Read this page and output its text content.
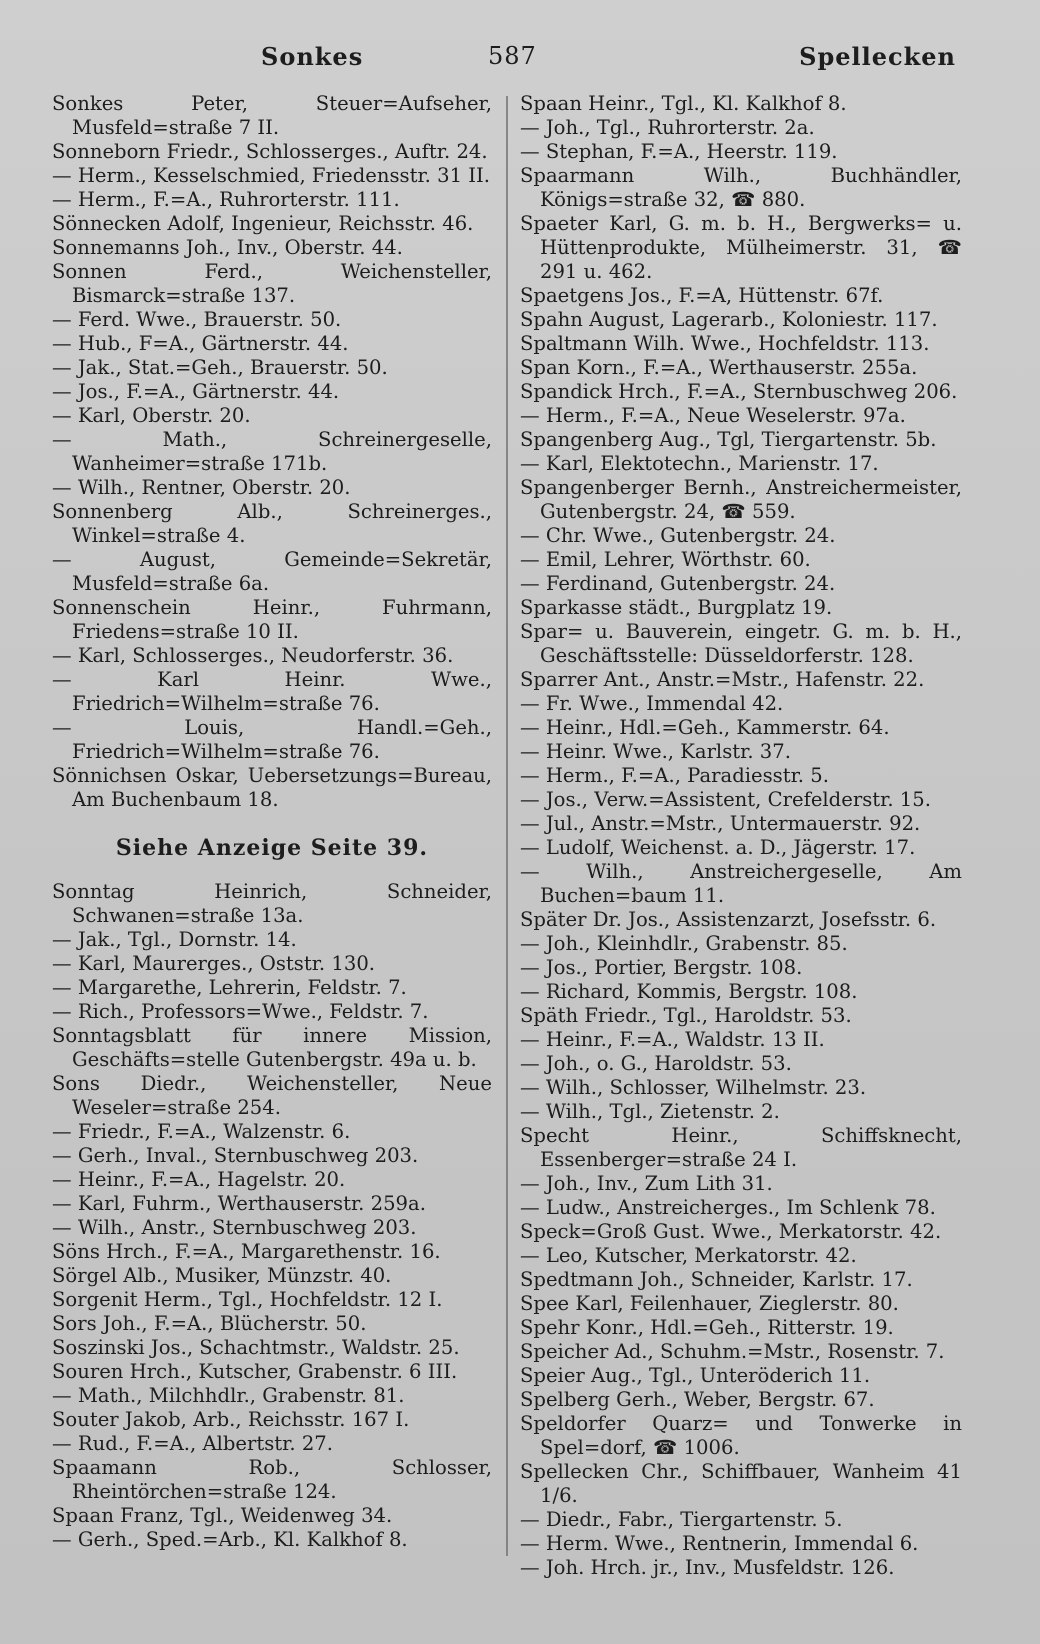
Sonkes	587	Spellecken

Sonkes Peter, Steuer=Aufseher, Musfeld=straße 7 II.

Sonneborn Friedr., Schlosserges., Auftr. 24.

— Herm., Kesselschmied, Friedensstr. 31 II.

— Herm., F.=A., Ruhrorterstr. 111.

Sönnecken Adolf, Ingenieur, Reichsstr. 46.

Sonnemanns Joh., Inv., Oberstr. 44.

Sonnen Ferd., Weichensteller, Bismarck=straße 137.

— Ferd. Wwe., Brauerstr. 50.

— Hub., F=A., Gärtnerstr. 44.

— Jak., Stat.=Geh., Brauerstr. 50.

— Jos., F.=A., Gärtnerstr. 44.

— Karl, Oberstr. 20.

— Math., Schreinergeselle, Wanheimer=straße 171b.

— Wilh., Rentner, Oberstr. 20.

Sonnenberg Alb., Schreinerges., Winkel=straße 4.

— August, Gemeinde=Sekretär, Musfeld=straße 6a.

Sonnenschein Heinr., Fuhrmann, Friedens=straße 10 II.

— Karl, Schlosserges., Neudorferstr. 36.

— Karl Heinr. Wwe., Friedrich=Wilhelm=straße 76.

— Louis, Handl.=Geh., Friedrich=Wilhelm=straße 76.

Sönnichsen Oskar, Uebersetzungs=Bureau, Am Buchenbaum 18.

Siehe Anzeige Seite 39.

Sonntag Heinrich, Schneider, Schwanen=straße 13a.

— Jak., Tgl., Dornstr. 14.

— Karl, Maurerges., Oststr. 130.

— Margarethe, Lehrerin, Feldstr. 7.

— Rich., Professors=Wwe., Feldstr. 7.

Sonntagsblatt für innere Mission, Geschäfts=stelle Gutenbergstr. 49a u. b.

Sons Diedr., Weichensteller, Neue Weseler=straße 254.

— Friedr., F.=A., Walzenstr. 6.

— Gerh., Inval., Sternbuschweg 203.

— Heinr., F.=A., Hagelstr. 20.

— Karl, Fuhrm., Werthauserstr. 259a.

— Wilh., Anstr., Sternbuschweg 203.

Söns Hrch., F.=A., Margarethenstr. 16.

Sörgel Alb., Musiker, Münzstr. 40.

Sorgenit Herm., Tgl., Hochfeldstr. 12 I.

Sors Joh., F.=A., Blücherstr. 50.

Soszinski Jos., Schachtmstr., Waldstr. 25.

Souren Hrch., Kutscher, Grabenstr. 6 III.

— Math., Milchhdlr., Grabenstr. 81.

Souter Jakob, Arb., Reichsstr. 167 I.

— Rud., F.=A., Albertstr. 27.

Spaamann Rob., Schlosser, Rheintörchen=straße 124.

Spaan Franz, Tgl., Weidenweg 34.

— Gerh., Sped.=Arb., Kl. Kalkhof 8.

Spaan Heinr., Tgl., Kl. Kalkhof 8.

— Joh., Tgl., Ruhrorterstr. 2a.

— Stephan, F.=A., Heerstr. 119.

Spaarmann Wilh., Buchhändler, Königs=straße 32, ☎ 880.

Spaeter Karl, G. m. b. H., Bergwerks= u. Hüttenprodukte, Mülheimerstr. 31, ☎ 291 u. 462.

Spaetgens Jos., F.=A, Hüttenstr. 67f.

Spahn August, Lagerarb., Koloniestr. 117.

Spaltmann Wilh. Wwe., Hochfeldstr. 113.

Span Korn., F.=A., Werthauserstr. 255a.

Spandick Hrch., F.=A., Sternbuschweg 206.

— Herm., F.=A., Neue Weselerstr. 97a.

Spangenberg Aug., Tgl, Tiergartenstr. 5b.

— Karl, Elektotechn., Marienstr. 17.

Spangenberger Bernh., Anstreichermeister, Gutenbergstr. 24, ☎ 559.

— Chr. Wwe., Gutenbergstr. 24.

— Emil, Lehrer, Wörthstr. 60.

— Ferdinand, Gutenbergstr. 24.

Sparkasse städt., Burgplatz 19.

Spar= u. Bauverein, eingetr. G. m. b. H., Geschäftsstelle: Düsseldorferstr. 128.

Sparrer Ant., Anstr.=Mstr., Hafenstr. 22.

— Fr. Wwe., Immendal 42.

— Heinr., Hdl.=Geh., Kammerstr. 64.

— Heinr. Wwe., Karlstr. 37.

— Herm., F.=A., Paradiesstr. 5.

— Jos., Verw.=Assistent, Crefelderstr. 15.

— Jul., Anstr.=Mstr., Untermauerstr. 92.

— Ludolf, Weichenst. a. D., Jägerstr. 17.

— Wilh., Anstreichergeselle, Am Buchen=baum 11.

Später Dr. Jos., Assistenzarzt, Josefsstr. 6.

— Joh., Kleinhdlr., Grabenstr. 85.

— Jos., Portier, Bergstr. 108.

— Richard, Kommis, Bergstr. 108.

Späth Friedr., Tgl., Haroldstr. 53.

— Heinr., F.=A., Waldstr. 13 II.

— Joh., o. G., Haroldstr. 53.

— Wilh., Schlosser, Wilhelmstr. 23.

— Wilh., Tgl., Zietenstr. 2.

Specht Heinr., Schiffsknecht, Essenberger=straße 24 I.

— Joh., Inv., Zum Lith 31.

— Ludw., Anstreicherges., Im Schlenk 78.

Speck=Groß Gust. Wwe., Merkatorstr. 42.

— Leo, Kutscher, Merkatorstr. 42.

Spedtmann Joh., Schneider, Karlstr. 17.

Spee Karl, Feilenhauer, Zieglerstr. 80.

Spehr Konr., Hdl.=Geh., Ritterstr. 19.

Speicher Ad., Schuhm.=Mstr., Rosenstr. 7.

Speier Aug., Tgl., Unteröderich 11.

Spelberg Gerh., Weber, Bergstr. 67.

Speldorfer Quarz= und Tonwerke in Spel=dorf, ☎ 1006.

Spellecken Chr., Schiffbauer, Wanheim 41 1/6.

— Diedr., Fabr., Tiergartenstr. 5.

— Herm. Wwe., Rentnerin, Immendal 6.

— Joh. Hrch. jr., Inv., Musfeldstr. 126.
